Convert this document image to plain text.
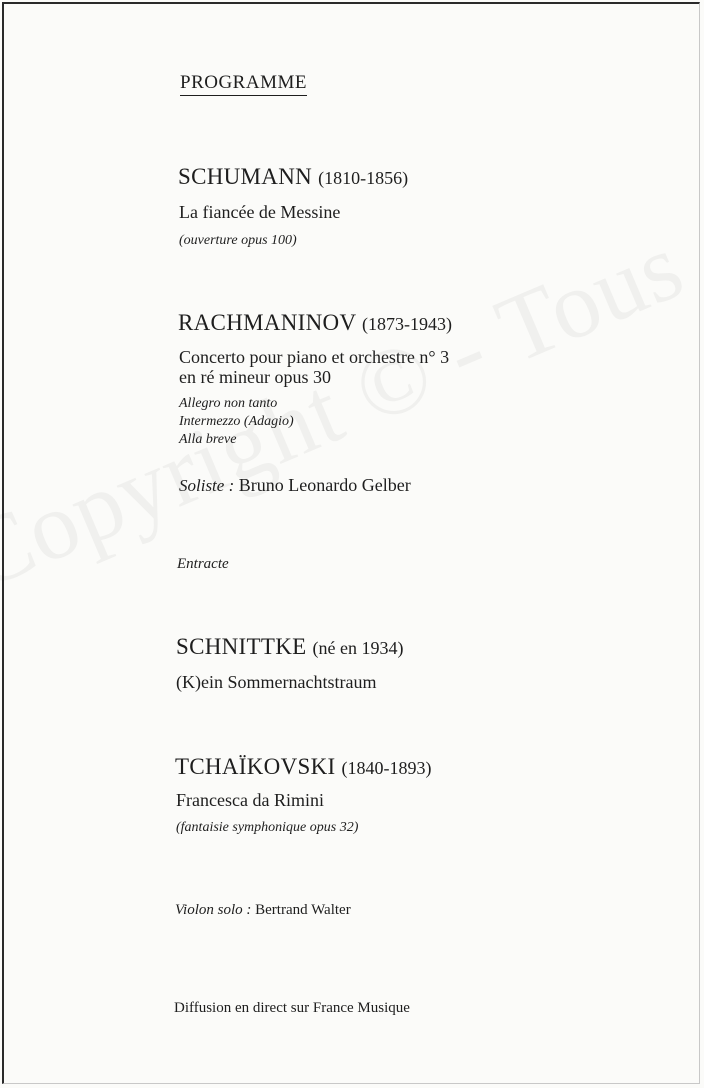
PROGRAMME
SCHUMANN (1810-1856)
La fiancée de Messine
(ouverture opus 100)
RACHMANINOV (1873-1943)
Concerto pour piano et orchestre n° 3
en ré mineur opus 30
Allegro non tanto
Intermezzo (Adagio)
Alla breve
Soliste : Bruno Leonardo Gelber
Entracte
SCHNITTKE (né en 1934)
(K)ein Sommernachtstraum
TCHAÏKOVSKI (1840-1893)
Francesca da Rimini
(fantaisie symphonique opus 32)
Violon solo : Bertrand Walter
Diffusion en direct sur France Musique
